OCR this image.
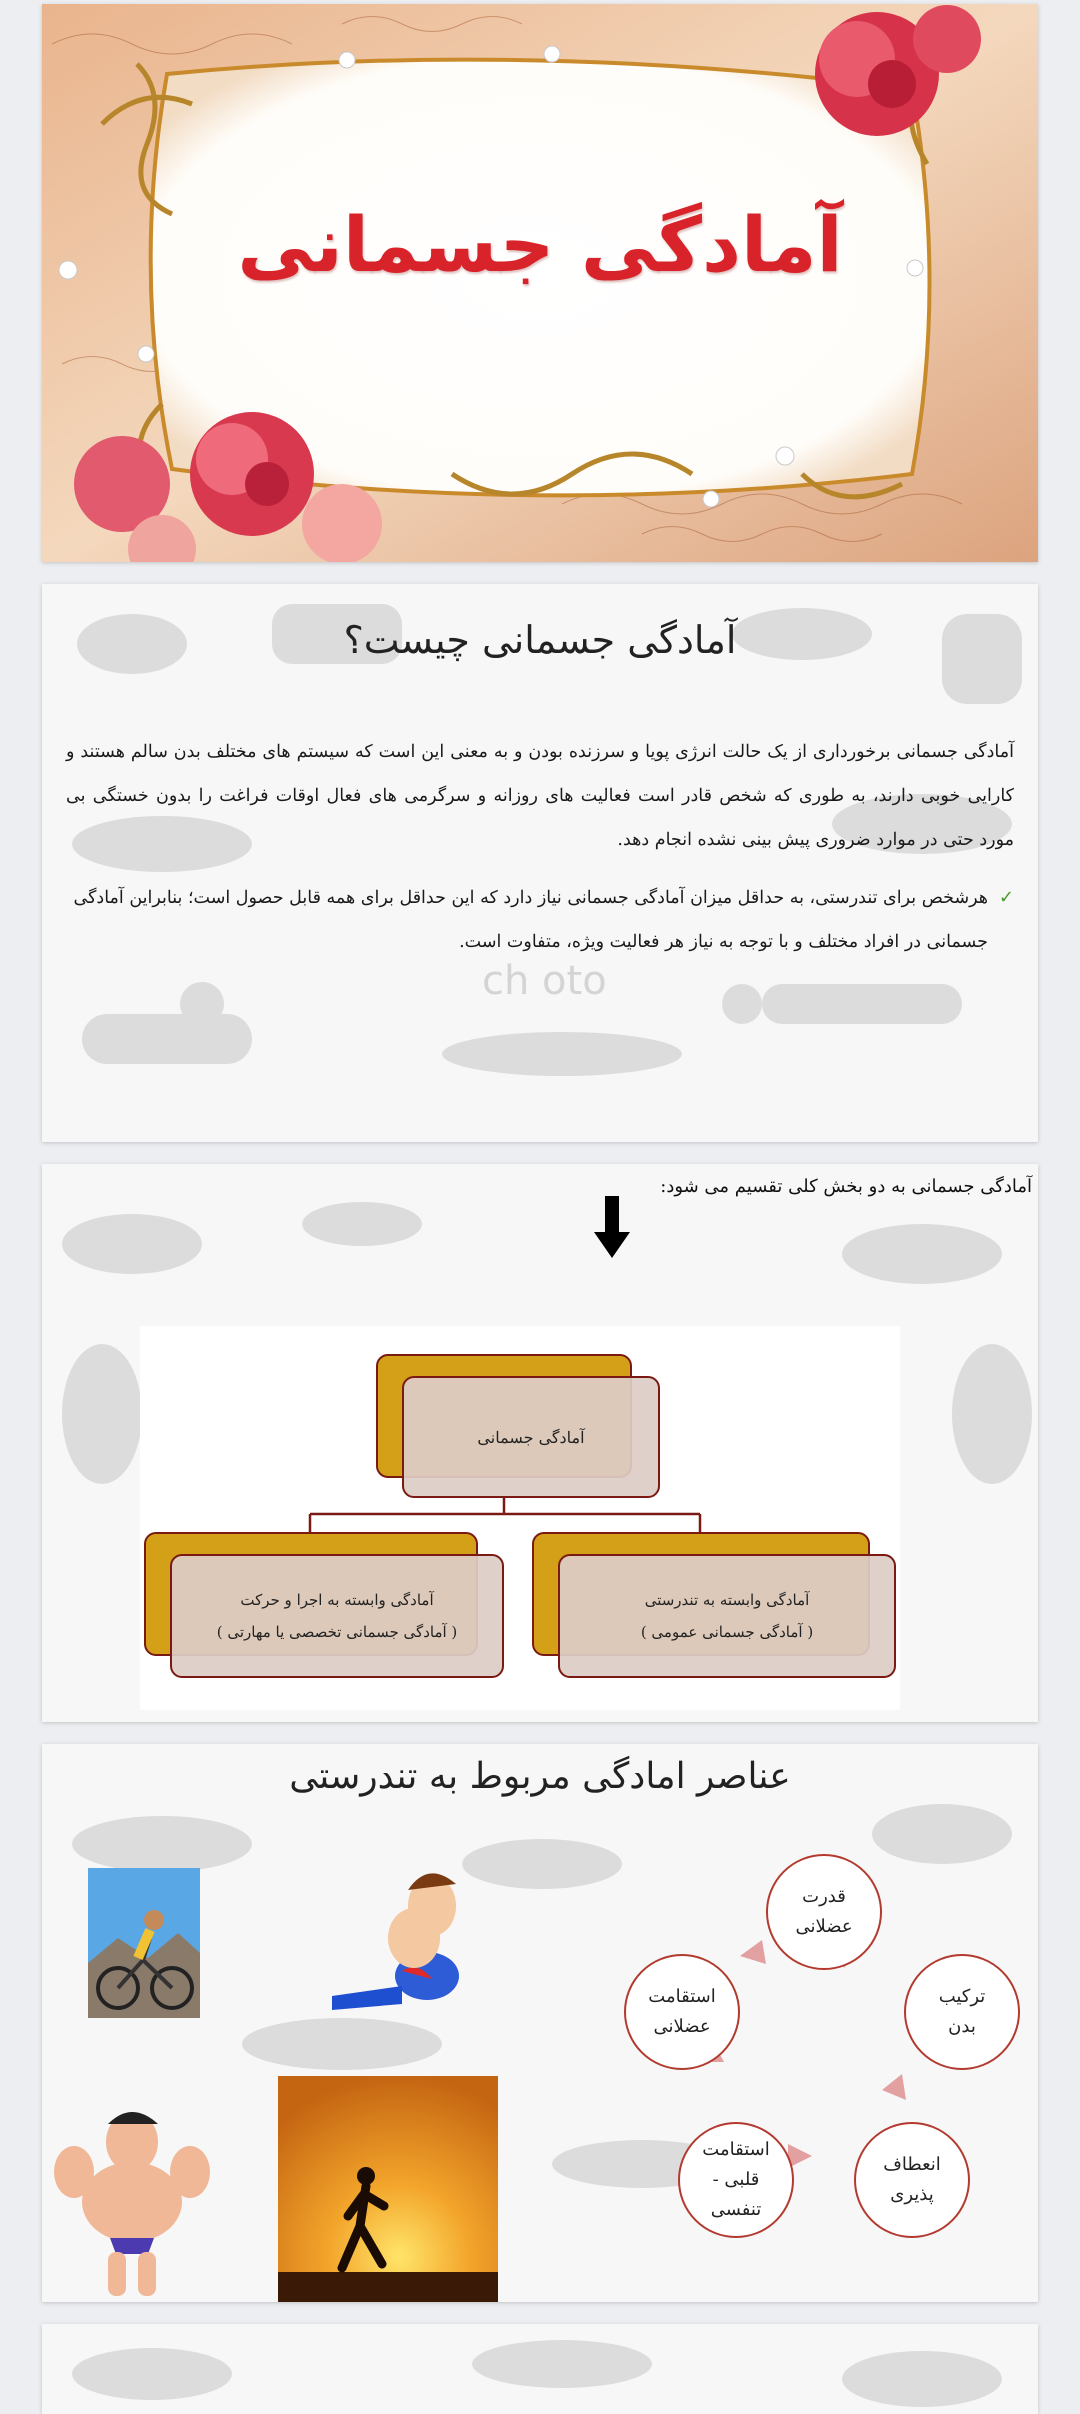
آمادگی جسمانی
آمادگی جسمانی چیست؟
آمادگی جسمانی برخورداری از یک حالت انرژی پویا و سرزنده بودن و به معنی این است که سیستم های مختلف بدن سالم هستند و کارایی خوبی دارند، به طوری که شخص قادر است فعالیت های روزانه و سرگرمی های فعال اوقات فراغت را بدون خستگی بی مورد حتی در موارد ضروری پیش بینی نشده انجام دهد.
✓
هرشخص برای تندرستی، به حداقل میزان آمادگی جسمانی نیاز دارد که این حداقل برای همه قابل حصول است؛ بنابراین آمادگی جسمانی در افراد مختلف و با توجه به نیاز هر فعالیت ویژه، متفاوت است.
ch oto
آمادگی جسمانی به دو بخش کلی تقسیم می شود:
آمادگی جسمانی
آمادگی وابسته به اجرا و حرکت
( آمادگی جسمانی تخصصی یا مهارتی )
آمادگی وابسته به تندرستی
( آمادگی جسمانی عمومی )
عناصر امادگی مربوط به تندرستی
قدرت
عضلانی
ترکیب
بدن
انعطاف
پذیری
استقامت
قلبی -
تنفسی
استقامت
عضلانی
